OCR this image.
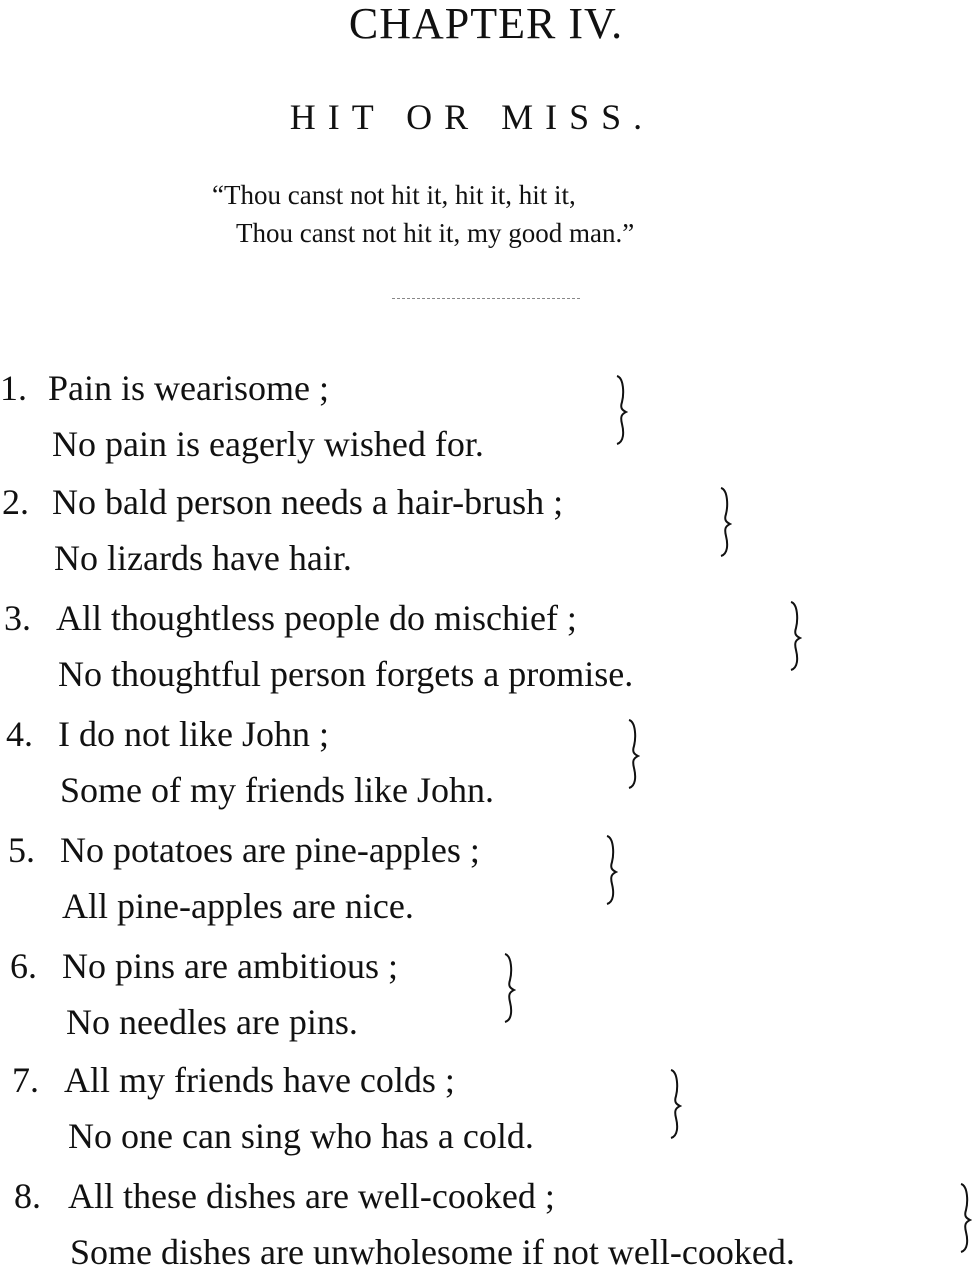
CHAPTER IV.
HIT OR MISS.
“Thou canst not hit it, hit it, hit it,
Thou canst not hit it, my good man.”
1. Pain is wearisome ;
No pain is eagerly wished for.
2. No bald person needs a hair-brush ;
No lizards have hair.
3. All thoughtless people do mischief ;
No thoughtful person forgets a promise.
4. I do not like John ;
Some of my friends like John.
5. No potatoes are pine-apples ;
All pine-apples are nice.
6. No pins are ambitious ;
No needles are pins.
7. All my friends have colds ;
No one can sing who has a cold.
8. All these dishes are well-cooked ;
Some dishes are unwholesome if not well-cooked.
